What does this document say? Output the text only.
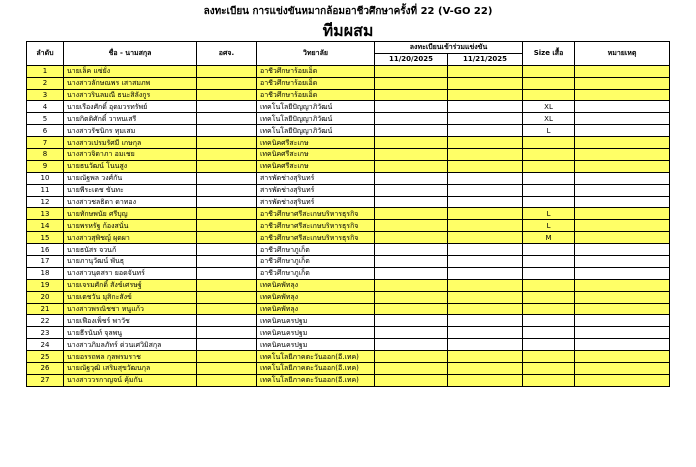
ลงทะเบียน การแข่งขันหมากล้อมอาชีวศึกษาครั้งที่ 22 (V-GO 22)
ทีมผสม
ลำดับ	ชื่อ - นามสกุล	อศจ.	วิทยาลัย	ลงทะเบียนเข้าร่วมแข่งขัน		Size เสื้อ	หมายเหตุ
				11/20/2025	11/21/2025		
1	นายเล็ค แซ่ยั่ง		อาชีวศึกษาร้อยเอ็ด				
2	นางสาวลักษณพร เสาสมภพ		อาชีวศึกษาร้อยเอ็ด				
3	นางสาวรินลมณี ธนะสิลังกูร		อาชีวศึกษาร้อยเอ็ด				
4	นายเรืองศักดิ์ อุดมวรทรัพย์		เทคโนโลยีปัญญาภิวัฒน์			XL	
5	นายกิตติศักดิ์ วาหนเสรี		เทคโนโลยีปัญญาภิวัฒน์			XL	
6	นางสาวรัชนิกร ทุมเสม		เทคโนโลยีปัญญาภิวัฒน์			L	
7	นางสาวเปรมรัศมี เกษกุล		เทคนิคศรีสะเกษ				
8	นางสาวจิดาภา อมเชย		เทคนิคศรีสะเกษ				
9	นายธนวัฒน์ โนนสูง		เทคนิคศรีสะเกษ				
10	นายณัฐพล วงศ์กัน		สารพัดช่างสุรินทร์				
11	นายพีระเดช ขันทะ		สารพัดช่างสุรินทร์				
12	นางสาวชลธิดา ดาทอง		สารพัดช่างสุรินทร์				
13	นายทักษพนัย ศรีบุญ		อาชีวศึกษาศรีสะเกษบริหารธุรกิจ			L	
14	นายพรหรัฐ ก้องสนั่น		อาชีวศึกษาศรีสะเกษบริหารธุรกิจ			L	
15	นางสาวสุพิชญ์ ผุดผา		อาชีวศึกษาศรีสะเกษบริหารธุรกิจ			M	
16	นายธนัสร จวนก้		อาชีวศึกษาภูเก็ต				
17	นายภานุวัฒน์ พันธุ		อาชีวศึกษาภูเก็ต				
18	นางสาวนุตสรา ยอดจันทร์		อาชีวศึกษาภูเก็ต				
19	นายเจรมศักดิ์ สังข์เศรษฐ์		เทคนิคพัทลุง				
20	นายเตชวัน มุสิกะสังข์		เทคนิคพัทลุง				
21	นางสาวพรณิชชา หนูแก้ว		เทคนิคพัทลุง				
22	นายเฟืองเพ็ชร์ พาวัช		เทคนิคนครปฐม				
23	นายธีรนันท์ จุลพนู		เทคนิคนครปฐม				
24	นางสาวภิมลภัทร์ ด่วนเศวิมิสกุล		เทคนิคนครปฐม				
25	นายอรรถพล กุลพรมราช		เทคโนโลยีภาคตะวันออก(อี.เทค)				
26	นายณัฐวุฒิ เสริมสุขวัฒนกุล		เทคโนโลยีภาคตะวันออก(อี.เทค)				
27	นางสาววรกาญจน์ คุ้มกัน		เทคโนโลยีภาคตะวันออก(อี.เทค)				
